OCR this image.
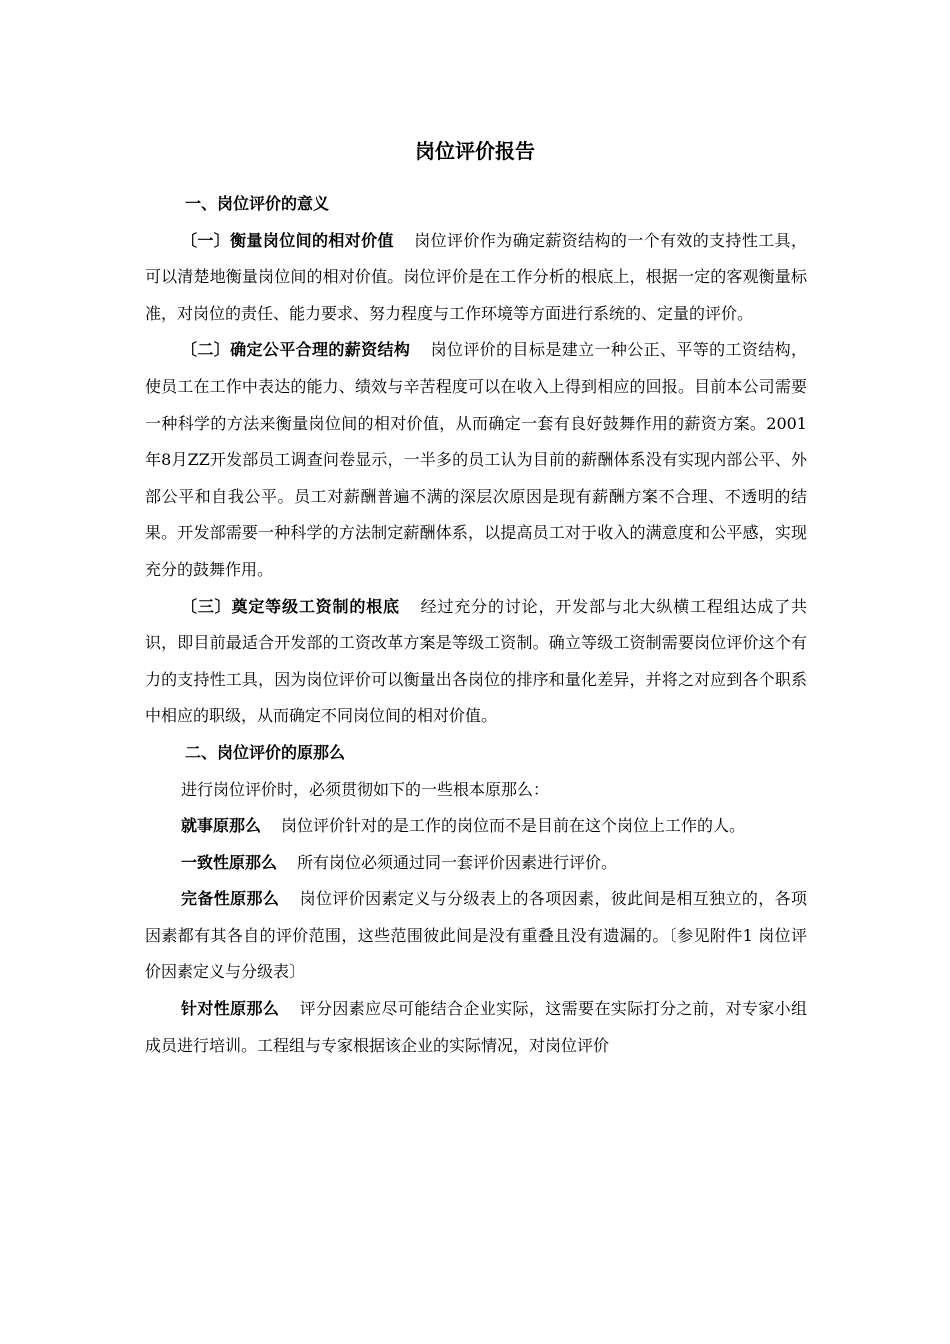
岗位评价报告

一、岗位评价的意义

〔一〕衡量岗位间的相对价值 岗位评价作为确定薪资结构的一个有效的支持性工具，可以清楚地衡量岗位间的相对价值。岗位评价是在工作分析的根底上，根据一定的客观衡量标准，对岗位的责任、能力要求、努力程度与工作环境等方面进行系统的、定量的评价。

〔二〕确定公平合理的薪资结构 岗位评价的目标是建立一种公正、平等的工资结构，使员工在工作中表达的能力、绩效与辛苦程度可以在收入上得到相应的回报。目前本公司需要一种科学的方法来衡量岗位间的相对价值，从而确定一套有良好鼓舞作用的薪资方案。2001年8月ZZ开发部员工调查问卷显示，一半多的员工认为目前的薪酬体系没有实现内部公平、外部公平和自我公平。员工对薪酬普遍不满的深层次原因是现有薪酬方案不合理、不透明的结果。开发部需要一种科学的方法制定薪酬体系，以提高员工对于收入的满意度和公平感，实现充分的鼓舞作用。

〔三〕奠定等级工资制的根底 经过充分的讨论，开发部与北大纵横工程组达成了共识，即目前最适合开发部的工资改革方案是等级工资制。确立等级工资制需要岗位评价这个有力的支持性工具，因为岗位评价可以衡量出各岗位的排序和量化差异，并将之对应到各个职系中相应的职级，从而确定不同岗位间的相对价值。

二、岗位评价的原那么

进行岗位评价时，必须贯彻如下的一些根本原那么：

就事原那么 岗位评价针对的是工作的岗位而不是目前在这个岗位上工作的人。

一致性原那么 所有岗位必须通过同一套评价因素进行评价。

完备性原那么 岗位评价因素定义与分级表上的各项因素，彼此间是相互独立的，各项因素都有其各自的评价范围，这些范围彼此间是没有重叠且没有遗漏的。〔参见附件1 岗位评价因素定义与分级表〕

针对性原那么 评分因素应尽可能结合企业实际，这需要在实际打分之前，对专家小组成员进行培训。工程组与专家根据该企业的实际情况，对岗位评价
